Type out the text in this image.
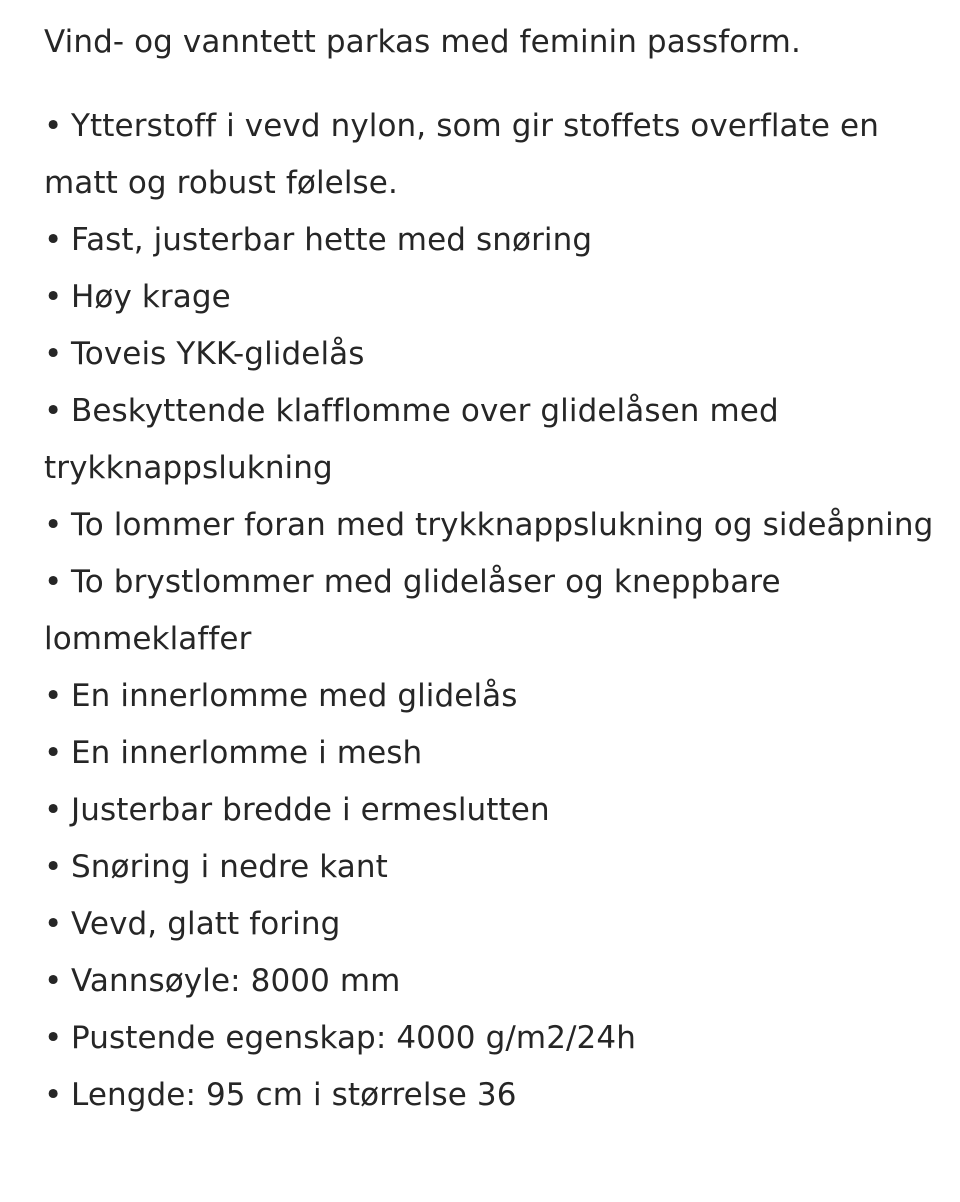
Vind- og vanntett parkas med feminin passform.

• Ytterstoff i vevd nylon, som gir stoffets overflate en matt og robust følelse.
• Fast, justerbar hette med snøring
• Høy krage
• Toveis YKK-glidelås
• Beskyttende klafflomme over glidelåsen med trykknappslukning
• To lommer foran med trykknappslukning og sideåpning
• To brystlommer med glidelåser og kneppbare lommeklaffer
• En innerlomme med glidelås
• En innerlomme i mesh
• Justerbar bredde i ermeslutten
• Snøring i nedre kant
• Vevd, glatt foring
• Vannsøyle: 8000 mm
• Pustende egenskap: 4000 g/m2/24h
• Lengde: 95 cm i størrelse 36
